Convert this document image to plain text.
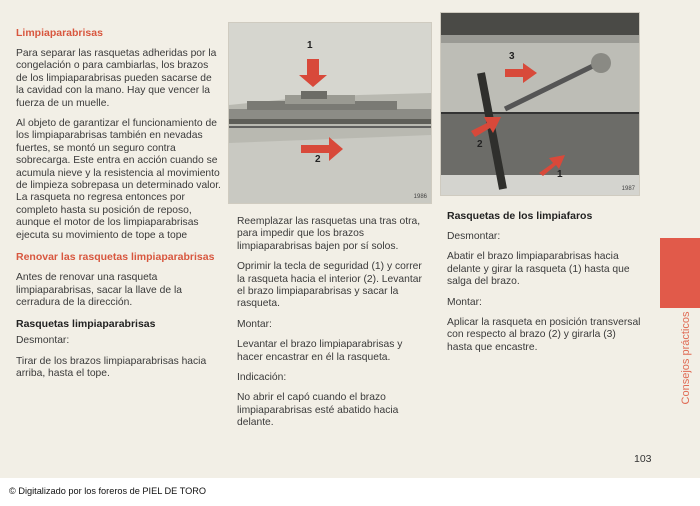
Limpiaparabrisas

Para separar las rasquetas adheridas por la congelación o para cambiarlas, los brazos de los limpiaparabrisas pueden sacarse de la cavidad con la mano. Hay que vencer la fuerza de un muelle.

Al objeto de garantizar el funcionamiento de los limpiaparabrisas también en nevadas fuertes, se montó un seguro contra sobrecarga. Este entra en acción cuando se acumula nieve y la resistencia al movimiento de limpieza sobrepasa un determinado valor. La rasqueta no regresa entonces por completo hasta su posición de reposo, aunque el motor de los limpiaparabrisas ejecuta su movimiento de tope a tope

Renovar las rasquetas limpiaparabrisas

Antes de renovar una rasqueta limpiaparabrisas, sacar la llave de la cerradura de la dirección.

Rasquetas limpiaparabrisas

Desmontar:

Tirar de los brazos limpiaparabrisas hacia arriba, hasta el tope.

1
2
1986
3
2
1
1987

Reemplazar las rasquetas una tras otra, para impedir que los brazos limpiaparabrisas bajen por sí solos.

Oprimir la tecla de seguridad (1) y correr la rasqueta hacia el interior (2). Levantar el brazo limpiaparabrisas y sacar la rasqueta.

Montar:

Levantar el brazo limpiaparabrisas y hacer encastrar en él la rasqueta.

Indicación:

No abrir el capó cuando el brazo limpiaparabrisas esté abatido hacia delante.

Rasquetas de los limpiafaros

Desmontar:

Abatir el brazo limpiaparabrisas hacia delante y girar la rasqueta (1) hasta que salga del brazo.

Montar:

Aplicar la rasqueta en posición transversal con respecto al brazo (2) y girarla (3) hasta que encastre.	Consejos prácticos
103
© Digitalizado por los foreros de PIEL DE TORO
